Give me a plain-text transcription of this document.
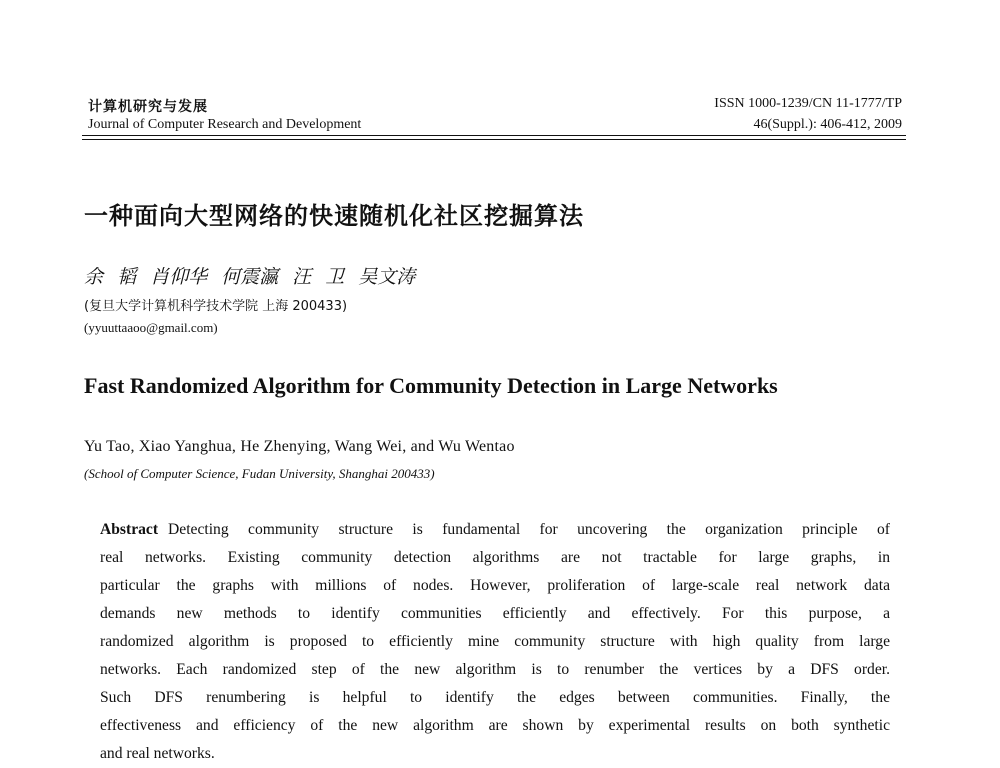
计算机研究与发展
Journal of Computer Research and Development
ISSN 1000-1239/CN 11-1777/TP
46(Suppl.): 406-412, 2009
一种面向大型网络的快速随机化社区挖掘算法
余 韬 肖仰华 何震瀛 汪 卫 吴文涛
(复旦大学计算机科学技术学院 上海 200433)
(yyuuttaaoo@gmail.com)
Fast Randomized Algorithm for Community Detection in Large Networks
Yu Tao, Xiao Yanghua, He Zhenying, Wang Wei, and Wu Wentao
(School of Computer Science, Fudan University, Shanghai 200433)
Abstract Detecting community structure is fundamental for uncovering the organization principle of
real networks. Existing community detection algorithms are not tractable for large graphs, in
particular the graphs with millions of nodes. However, proliferation of large-scale real network data
demands new methods to identify communities efficiently and effectively. For this purpose, a
randomized algorithm is proposed to efficiently mine community structure with high quality from large
networks. Each randomized step of the new algorithm is to renumber the vertices by a DFS order.
Such DFS renumbering is helpful to identify the edges between communities. Finally, the
effectiveness and efficiency of the new algorithm are shown by experimental results on both synthetic
and real networks.
